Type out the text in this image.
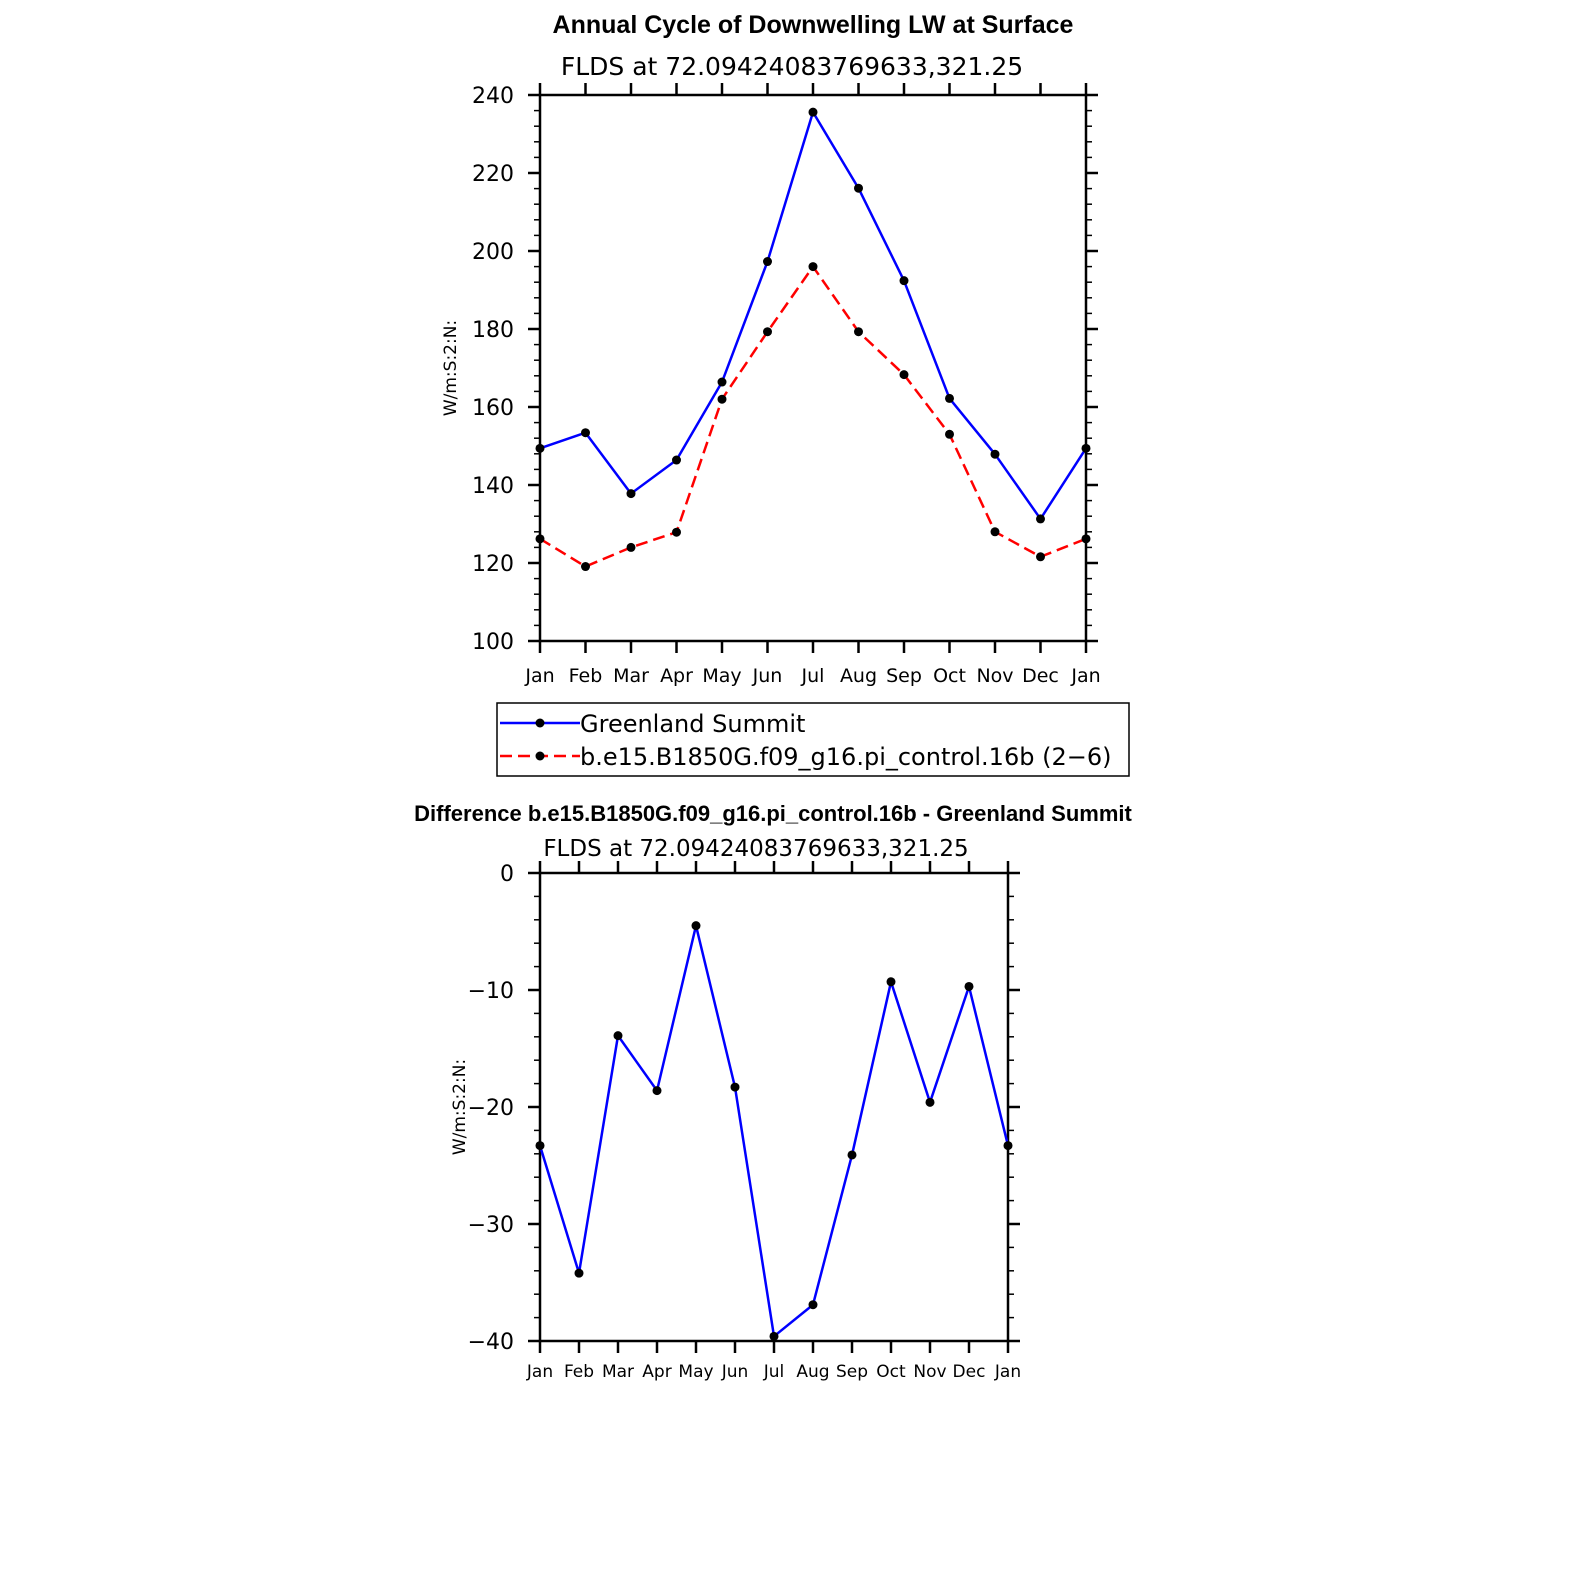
Annual Cycle of Downwelling LW at Surface
FLDS at 72.09424083769633,321.25
W/m:S:2:N:
Jan Feb Mar Apr May Jun Jul Aug Sep Oct Nov Dec Jan
100
120
140
160
180
200
220
240
Greenland Summit
b.e15.B1850G.f09_g16.pi_control.16b (2−6)
Difference b.e15.B1850G.f09_g16.pi_control.16b - Greenland Summit
FLDS at 72.09424083769633,321.25
W/m:S:2:N:
Jan Feb Mar Apr May Jun Jul Aug Sep Oct Nov Dec Jan
−40
−30
−20
−10
0
